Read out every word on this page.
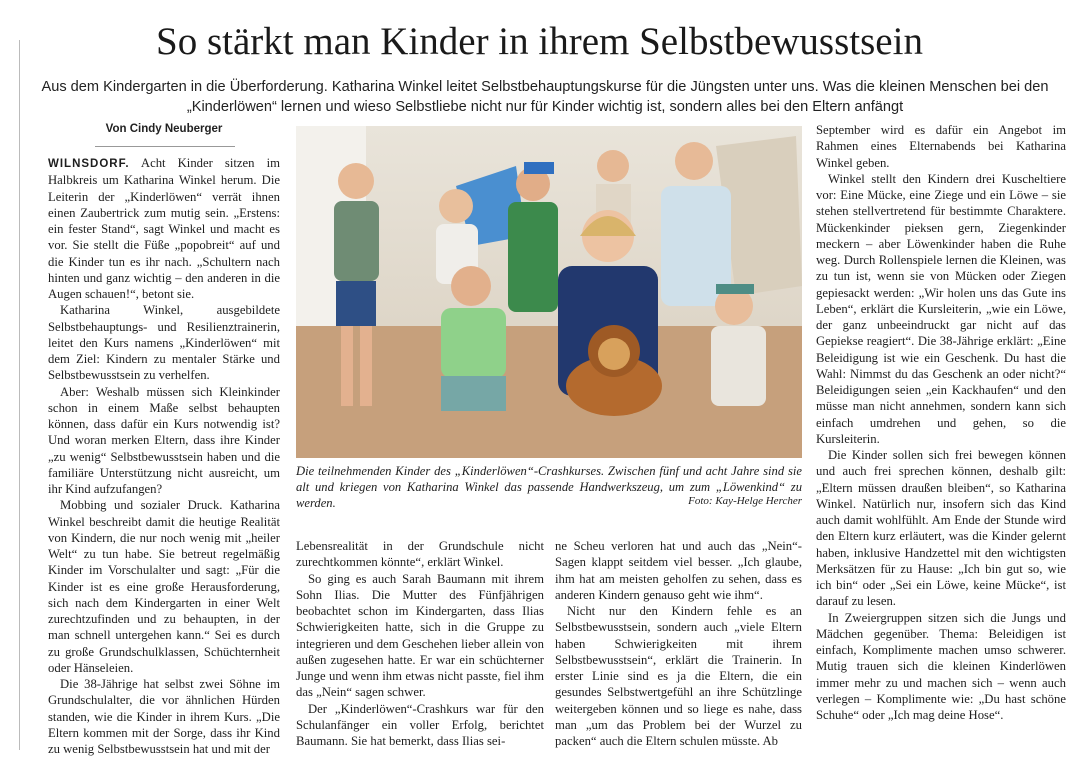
So stärkt man Kinder in ihrem Selbstbewusstsein

Aus dem Kindergarten in die Überforderung. Katharina Winkel leitet Selbstbehauptungskurse für die Jüngsten unter uns. Was die kleinen Menschen bei den „Kinderlöwen“ lernen und wieso Selbstliebe nicht nur für Kinder wichtig ist, sondern alles bei den Eltern anfängt

Von Cindy Neuberger

WILNSDORF. Acht Kinder sitzen im Halbkreis um Katharina Winkel herum. Die Leiterin der „Kinderlöwen“ verrät ihnen einen Zaubertrick zum mutig sein. „Erstens: ein fester Stand“, sagt Winkel und macht es vor. Sie stellt die Füße „popobreit“ auf und die Kinder tun es ihr nach. „Schultern nach hinten und ganz wichtig – den anderen in die Augen schauen!“, betont sie.

Katharina Winkel, ausgebildete Selbstbehauptungs- und Resilienztrainerin, leitet den Kurs namens „Kinderlöwen“ mit dem Ziel: Kindern zu mentaler Stärke und Selbstbewusstsein zu verhelfen.

Aber: Weshalb müssen sich Kleinkinder schon in einem Maße selbst behaupten können, dass dafür ein Kurs notwendig ist? Und woran merken Eltern, dass ihre Kinder „zu wenig“ Selbstbewusstsein haben und die familiäre Unterstützung nicht ausreicht, um ihr Kind aufzufangen?

Mobbing und sozialer Druck. Katharina Winkel beschreibt damit die heutige Realität von Kindern, die nur noch wenig mit „heiler Welt“ zu tun habe. Sie betreut regelmäßig Kinder im Vorschulalter und sagt: „Für die Kinder ist es eine große Herausforderung, sich nach dem Kindergarten in einer Welt zurechtzufinden und zu behaupten, in der man schnell untergehen kann.“ Sei es durch zu große Grundschulklassen, Schüchternheit oder Hänseleien.

Die 38-Jährige hat selbst zwei Söhne im Grundschulalter, die vor ähnlichen Hürden standen, wie die Kinder in ihrem Kurs. „Die Eltern kommen mit der Sorge, dass ihr Kind zu wenig Selbstbewusstsein hat und mit der

Die teilnehmenden Kinder des „Kinderlöwen“-Crashkurses. Zwischen fünf und acht Jahre sind sie alt und kriegen von Katharina Winkel das passende Handwerkszeug, um zum „Löwenkind“ zu werden.	Foto: Kay-Helge Hercher

Lebensrealität in der Grundschule nicht zurechtkommen könnte“, erklärt Winkel.

So ging es auch Sarah Baumann mit ihrem Sohn Ilias. Die Mutter des Fünfjährigen beobachtet schon im Kindergarten, dass Ilias Schwierigkeiten hatte, sich in die Gruppe zu integrieren und dem Geschehen lieber allein von außen zugesehen hatte. Er war ein schüchterner Junge und wenn ihm etwas nicht passte, fiel ihm das „Nein“ sagen schwer.

Der „Kinderlöwen“-Crashkurs war für den Schulanfänger ein voller Erfolg, berichtet Baumann. Sie hat bemerkt, dass Ilias sei-

ne Scheu verloren hat und auch das „Nein“-Sagen klappt seitdem viel besser. „Ich glaube, ihm hat am meisten geholfen zu sehen, dass es anderen Kindern genauso geht wie ihm“.

Nicht nur den Kindern fehle es an Selbstbewusstsein, sondern auch „viele Eltern haben Schwierigkeiten mit ihrem Selbstbewusstsein“, erklärt die Trainerin. In erster Linie sind es ja die Eltern, die ein gesundes Selbstwertgefühl an ihre Schützlinge weitergeben können und so liege es nahe, dass man „um das Problem bei der Wurzel zu packen“ auch die Eltern schulen müsste. Ab

September wird es dafür ein Angebot im Rahmen eines Elternabends bei Katharina Winkel geben.

Winkel stellt den Kindern drei Kuscheltiere vor: Eine Mücke, eine Ziege und ein Löwe – sie stehen stellvertretend für bestimmte Charaktere. Mückenkinder pieksen gern, Ziegenkinder meckern – aber Löwenkinder haben die Ruhe weg. Durch Rollenspiele lernen die Kleinen, was zu tun ist, wenn sie von Mücken oder Ziegen gepiesackt werden: „Wir holen uns das Gute ins Leben“, erklärt die Kursleiterin, „wie ein Löwe, der ganz unbeeindruckt gar nicht auf das Gepiekse reagiert“. Die 38-Jährige erklärt: „Eine Beleidigung ist wie ein Geschenk. Du hast die Wahl: Nimmst du das Geschenk an oder nicht?“ Beleidigungen seien „ein Kackhaufen“ und den müsse man nicht annehmen, sondern kann sich einfach umdrehen und gehen, so die Kursleiterin.

Die Kinder sollen sich frei bewegen können und auch frei sprechen können, deshalb gilt: „Eltern müssen draußen bleiben“, so Katharina Winkel. Natürlich nur, insofern sich das Kind auch damit wohlfühlt. Am Ende der Stunde wird den Eltern kurz erläutert, was die Kinder gelernt haben, inklusive Handzettel mit den wichtigsten Merksätzen für zu Hause: „Ich bin gut so, wie ich bin“ oder „Sei ein Löwe, keine Mücke“, ist darauf zu lesen.

In Zweiergruppen sitzen sich die Jungs und Mädchen gegenüber. Thema: Beleidigen ist einfach, Komplimente machen umso schwerer. Mutig trauen sich die kleinen Kinderlöwen immer mehr zu und machen sich – wenn auch verlegen – Komplimente wie: „Du hast schöne Schuhe“ oder „Ich mag deine Hose“.
